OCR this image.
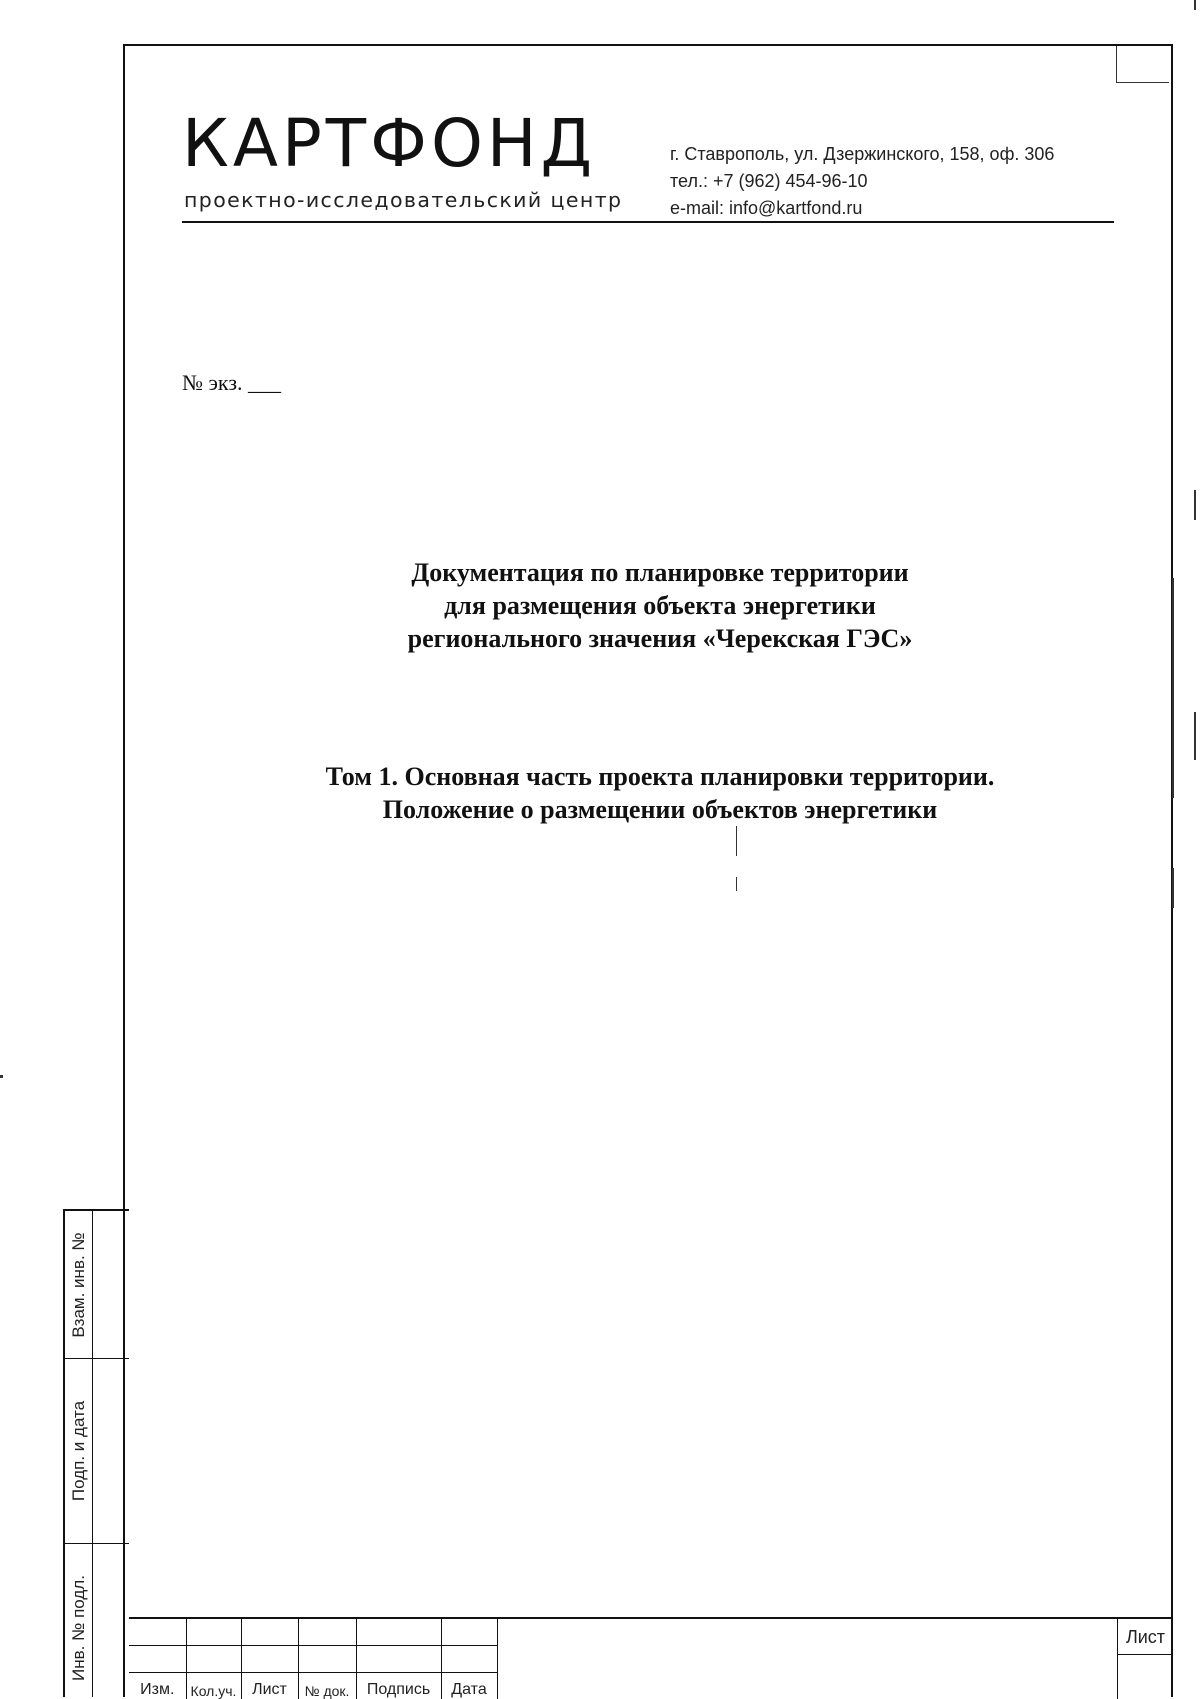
КАРТФОНД
проектно-исследовательский центр
г. Ставрополь, ул. Дзержинского, 158, оф. 306
тел.: +7 (962) 454-96-10
e-mail: info@kartfond.ru
№ экз. ___
Документация по планировке территории
для размещения объекта энергетики
регионального значения «Черекская ГЭС»
Том 1. Основная часть проекта планировки территории.
Положение о размещении объектов энергетики
Взам. инв. №
Подп. и дата
Инв. № подл.

Изм.	Кол.уч.	Лист	№ док.	Подпись	Дата
Лист
